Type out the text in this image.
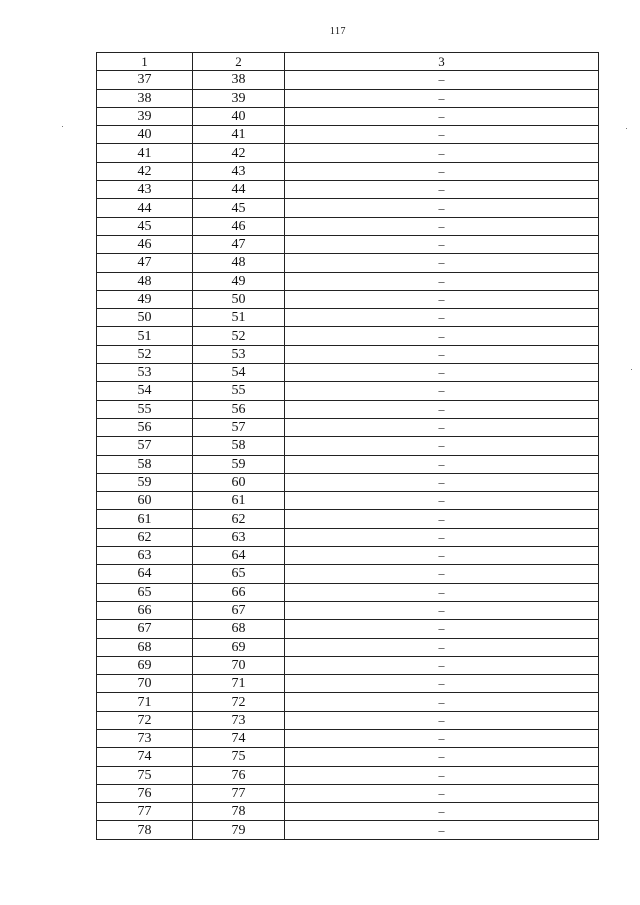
117
1	2	3
37	38	–
38	39	–
39	40	–
40	41	–
41	42	–
42	43	–
43	44	–
44	45	–
45	46	–
46	47	–
47	48	–
48	49	–
49	50	–
50	51	–
51	52	–
52	53	–
53	54	–
54	55	–
55	56	–
56	57	–
57	58	–
58	59	–
59	60	–
60	61	–
61	62	–
62	63	–
63	64	–
64	65	–
65	66	–
66	67	–
67	68	–
68	69	–
69	70	–
70	71	–
71	72	–
72	73	–
73	74	–
74	75	–
75	76	–
76	77	–
77	78	–
78	79	–
